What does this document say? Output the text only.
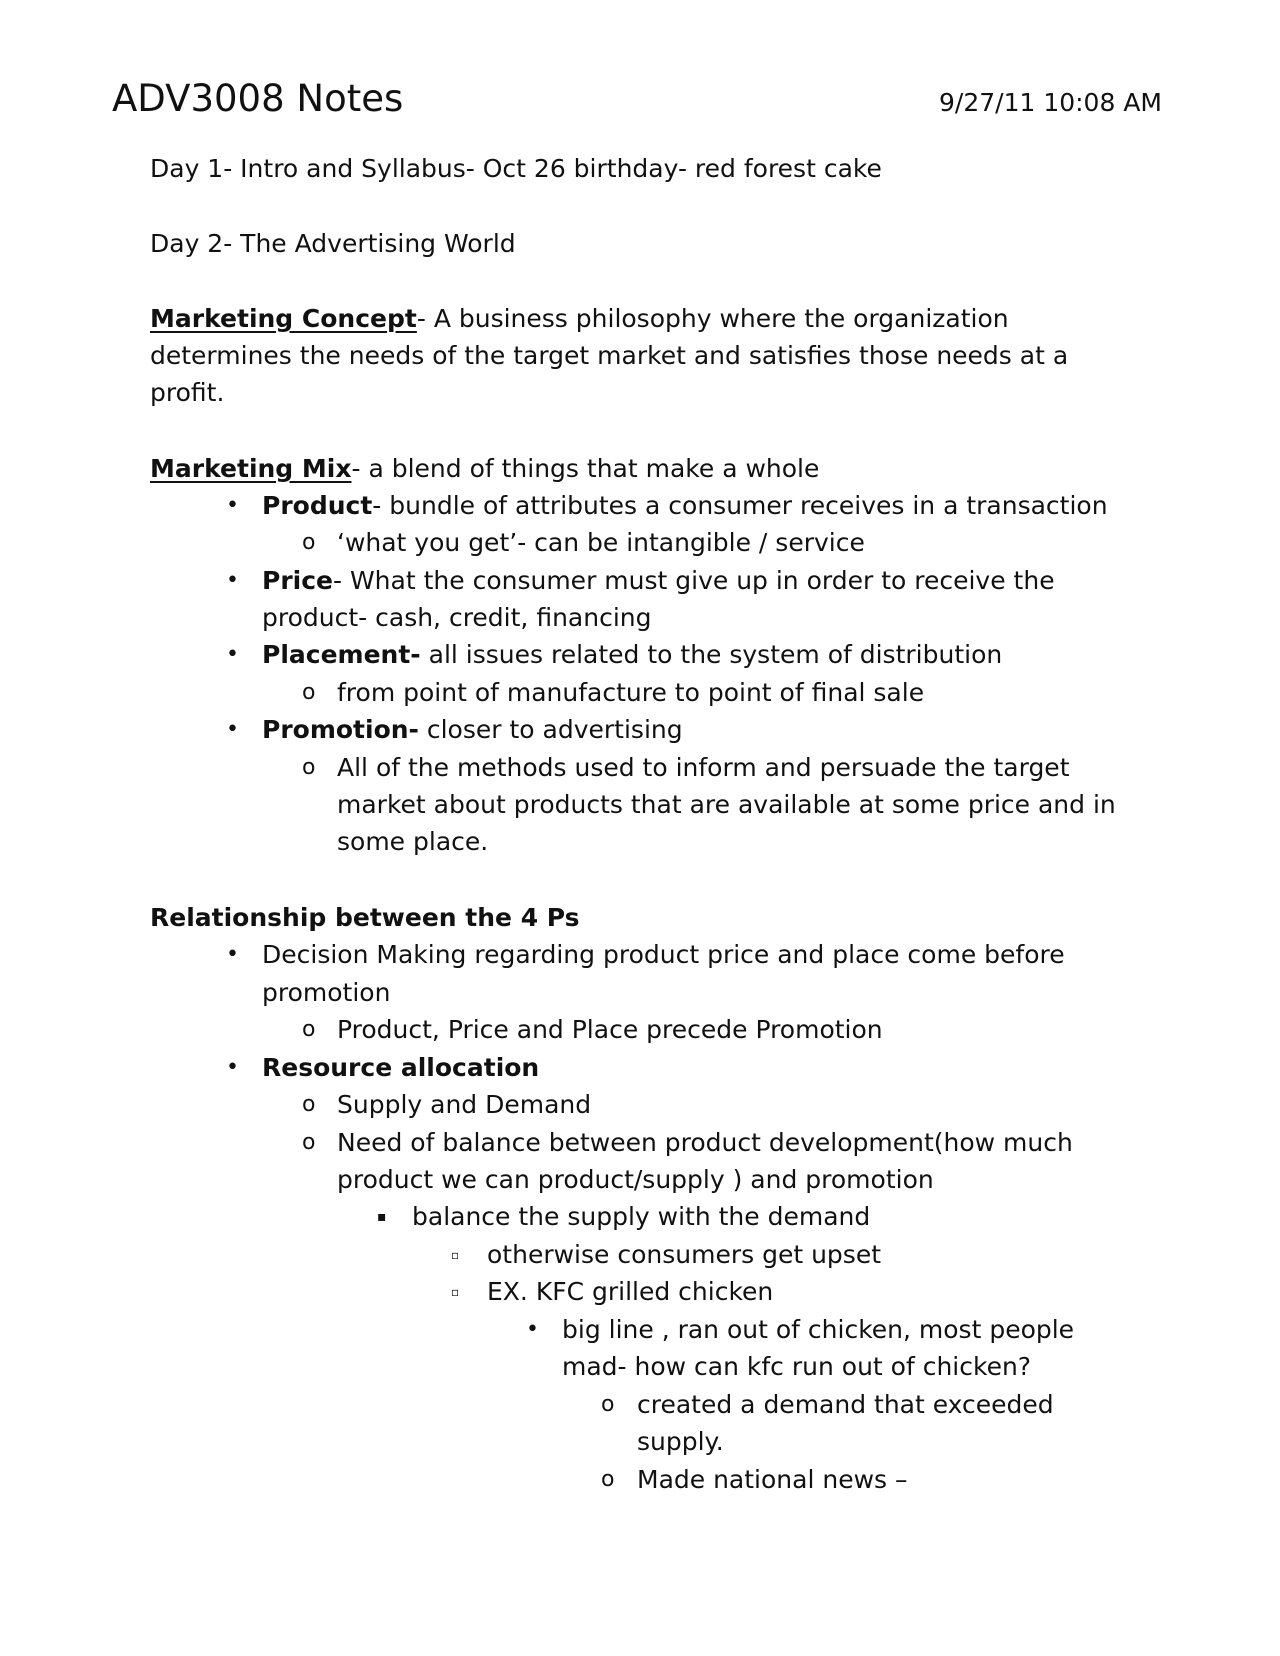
ADV3008 Notes	9/27/11 10:08 AM
Day 1- Intro and Syllabus- Oct 26 birthday- red forest cake
Day 2- The Advertising World
Marketing Concept- A business philosophy where the organization
determines the needs of the target market and satisfies those needs at a
profit.
Marketing Mix- a blend of things that make a whole
• Product- bundle of attributes a consumer receives in a transaction
o ‘what you get’- can be intangible / service
• Price- What the consumer must give up in order to receive the
product- cash, credit, financing
• Placement- all issues related to the system of distribution
o from point of manufacture to point of final sale
• Promotion- closer to advertising
o All of the methods used to inform and persuade the target
market about products that are available at some price and in
some place.
Relationship between the 4 Ps
• Decision Making regarding product price and place come before
promotion
o Product, Price and Place precede Promotion
• Resource allocation
o Supply and Demand
o Need of balance between product development(how much
product we can product/supply ) and promotion
▪ balance the supply with the demand
▫ otherwise consumers get upset
▫ EX. KFC grilled chicken
• big line , ran out of chicken, most people
mad- how can kfc run out of chicken?
o created a demand that exceeded
supply.
o Made national news –
